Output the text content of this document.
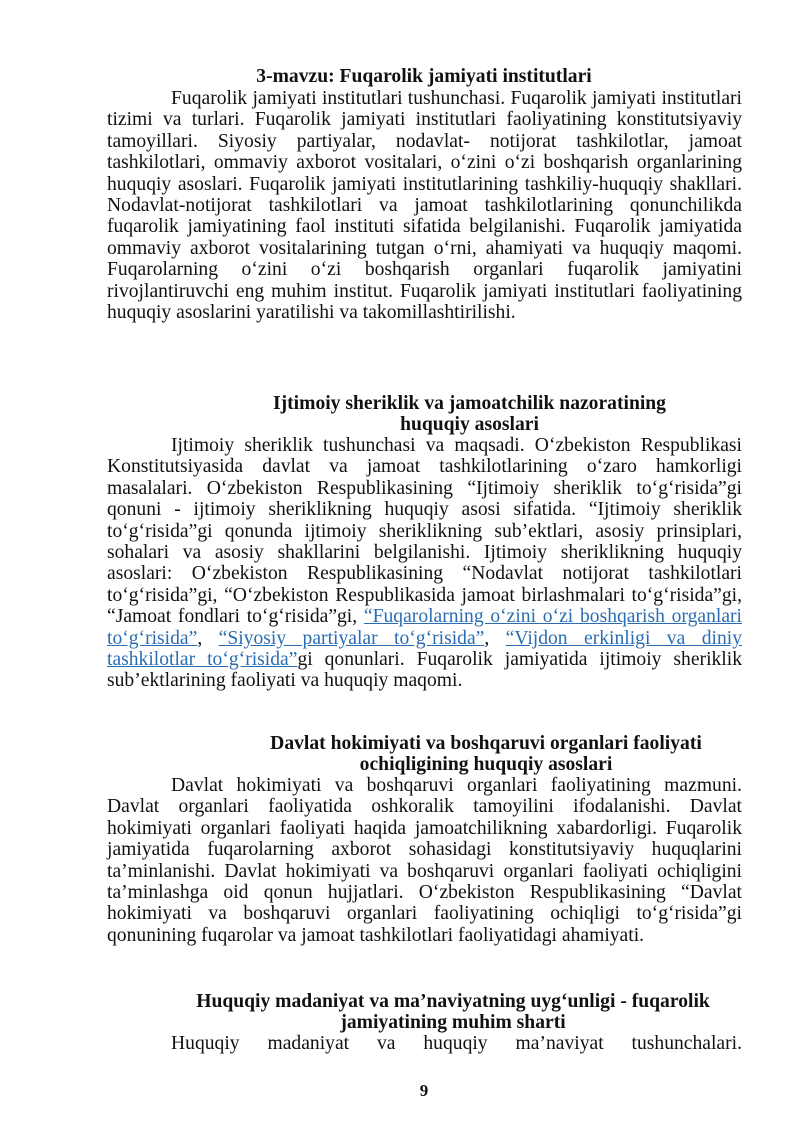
3-mavzu: Fuqarolik jamiyati institutlari

Fuqarolik jamiyati institutlari tushunchasi. Fuqarolik jamiyati institutlari tizimi va turlari. Fuqarolik jamiyati institutlari faoliyatining konstitutsiyaviy tamoyillari. Siyosiy partiyalar, nodavlat- notijorat tashkilotlar, jamoat tashkilotlari, ommaviy axborot vositalari, o‘zini o‘zi boshqarish organlarining huquqiy asoslari. Fuqarolik jamiyati institutlarining tashkiliy-huquqiy shakllari. Nodavlat-notijorat tashkilotlari va jamoat tashkilotlarining qonunchilikda fuqarolik jamiyatining faol instituti sifatida belgilanishi. Fuqarolik jamiyatida ommaviy axborot vositalarining tutgan o‘rni, ahamiyati va huquqiy maqomi. Fuqarolarning o‘zini o‘zi boshqarish organlari fuqarolik jamiyatini rivojlantiruvchi eng muhim institut. Fuqarolik jamiyati institutlari faoliyatining huquqiy asoslarini yaratilishi va takomillashtirilishi.

Ijtimoiy sheriklik va jamoatchilik nazoratining
huquqiy asoslari

Ijtimoiy sheriklik tushunchasi va maqsadi. O‘zbekiston Respublikasi Konstitutsiyasida davlat va jamoat tashkilotlarining o‘zaro hamkorligi masalalari. O‘zbekiston Respublikasining “Ijtimoiy sheriklik to‘g‘risida”gi qonuni - ijtimoiy sheriklikning huquqiy asosi sifatida. “Ijtimoiy sheriklik to‘g‘risida”gi qonunda ijtimoiy sheriklikning sub’ektlari, asosiy prinsiplari, sohalari va asosiy shakllarini belgilanishi. Ijtimoiy sheriklikning huquqiy asoslari: O‘zbekiston Respublikasining “Nodavlat notijorat tashkilotlari to‘g‘risida”gi, “O‘zbekiston Respublikasida jamoat birlashmalari to‘g‘risida”gi, “Jamoat fondlari to‘g‘risida”gi, “Fuqarolarning o‘zini o‘zi boshqarish organlari to‘g‘risida”, “Siyosiy partiyalar to‘g‘risida”, “Vijdon erkinligi va diniy tashkilotlar to‘g‘risida”gi qonunlari. Fuqarolik jamiyatida ijtimoiy sheriklik sub’ektlarining faoliyati va huquqiy maqomi.

Davlat hokimiyati va boshqaruvi organlari faoliyati
ochiqligining huquqiy asoslari

Davlat hokimiyati va boshqaruvi organlari faoliyatining mazmuni. Davlat organlari faoliyatida oshkoralik tamoyilini ifodalanishi. Davlat hokimiyati organlari faoliyati haqida jamoatchilikning xabardorligi. Fuqarolik jamiyatida fuqarolarning axborot sohasidagi konstitutsiyaviy huquqlarini ta’minlanishi. Davlat hokimiyati va boshqaruvi organlari faoliyati ochiqligini ta’minlashga oid qonun hujjatlari. O‘zbekiston Respublikasining “Davlat hokimiyati va boshqaruvi organlari faoliyatining ochiqligi to‘g‘risida”gi qonunining fuqarolar va jamoat tashkilotlari faoliyatidagi ahamiyati.

Huquqiy madaniyat va ma’naviyatning uyg‘unligi - fuqarolik
jamiyatining muhim sharti

Huquqiy madaniyat va huquqiy ma’naviyat tushunchalari.

9
